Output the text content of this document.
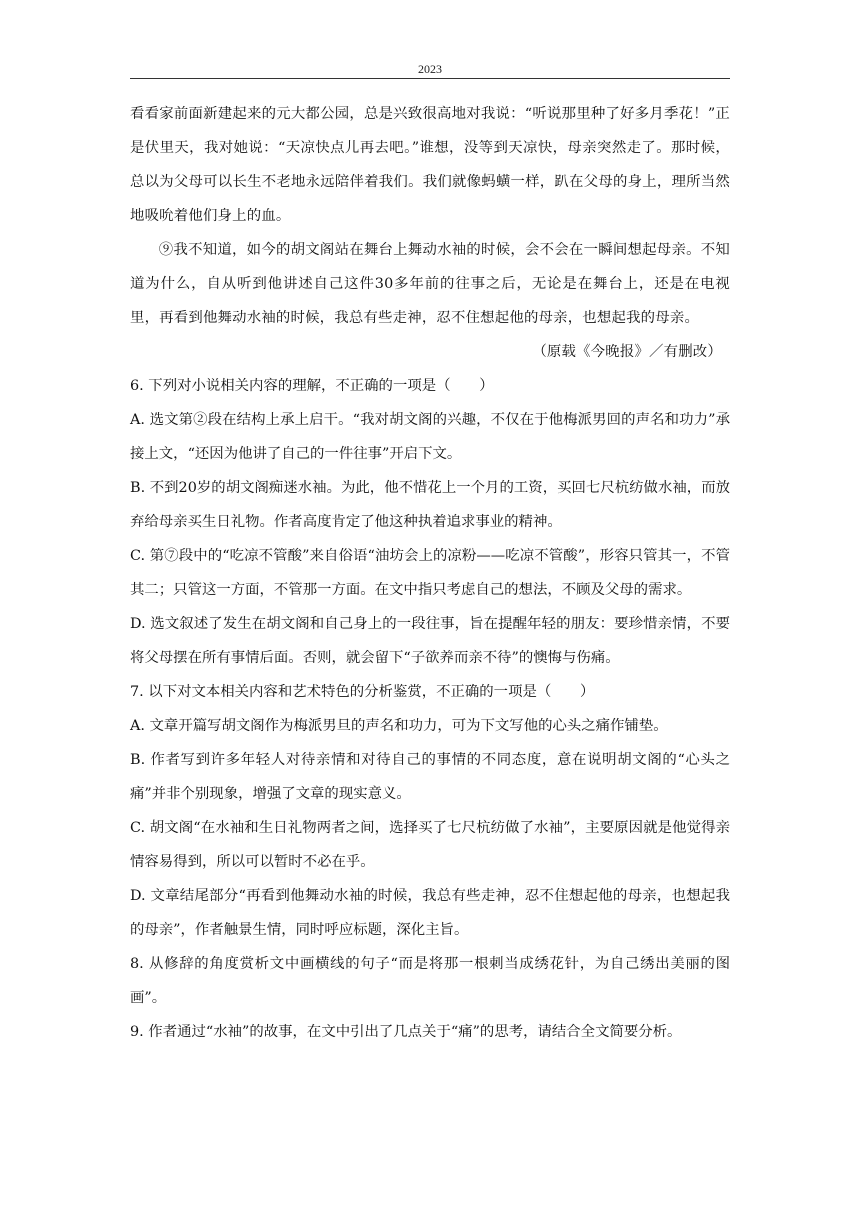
2023

看看家前面新建起来的元大都公园，总是兴致很高地对我说：“听说那里种了好多月季花！”正是伏里天，我对她说：“天凉快点儿再去吧。”谁想，没等到天凉快，母亲突然走了。那时候，总以为父母可以长生不老地永远陪伴着我们。我们就像蚂蟥一样，趴在父母的身上，理所当然地吸吮着他们身上的血。

⑨我不知道，如今的胡文阁站在舞台上舞动水袖的时候，会不会在一瞬间想起母亲。不知道为什么，自从听到他讲述自己这件30多年前的往事之后，无论是在舞台上，还是在电视里，再看到他舞动水袖的时候，我总有些走神，忍不住想起他的母亲，也想起我的母亲。

（原载《今晚报》／有删改）

6. 下列对小说相关内容的理解，不正确的一项是（　　）

A. 选文第②段在结构上承上启干。“我对胡文阁的兴趣，不仅在于他梅派男回的声名和功力”承接上文，“还因为他讲了自己的一件往事”开启下文。

B. 不到20岁的胡文阁痴迷水袖。为此，他不惜花上一个月的工资，买回七尺杭纺做水袖，而放弃给母亲买生日礼物。作者高度肯定了他这种执着追求事业的精神。

C. 第⑦段中的“吃凉不管酸”来自俗语“油坊会上的凉粉——吃凉不管酸”，形容只管其一，不管其二；只管这一方面，不管那一方面。在文中指只考虑自己的想法，不顾及父母的需求。

D. 选文叙述了发生在胡文阁和自己身上的一段往事，旨在提醒年轻的朋友：要珍惜亲情，不要将父母摆在所有事情后面。否则，就会留下“子欲养而亲不待”的懊悔与伤痛。

7. 以下对文本相关内容和艺术特色的分析鉴赏，不正确的一项是（　　）

A. 文章开篇写胡文阁作为梅派男旦的声名和功力，可为下文写他的心头之痛作铺垫。

B. 作者写到许多年轻人对待亲情和对待自己的事情的不同态度，意在说明胡文阁的“心头之痛”并非个别现象，增强了文章的现实意义。

C. 胡文阁“在水袖和生日礼物两者之间，选择买了七尺杭纺做了水袖”，主要原因就是他觉得亲情容易得到，所以可以暂时不必在乎。

D. 文章结尾部分“再看到他舞动水袖的时候，我总有些走神，忍不住想起他的母亲，也想起我的母亲”，作者触景生情，同时呼应标题，深化主旨。

8. 从修辞的角度赏析文中画横线的句子“而是将那一根刺当成绣花针，为自己绣出美丽的图画”。

9. 作者通过“水袖”的故事，在文中引出了几点关于“痛”的思考，请结合全文简要分析。
